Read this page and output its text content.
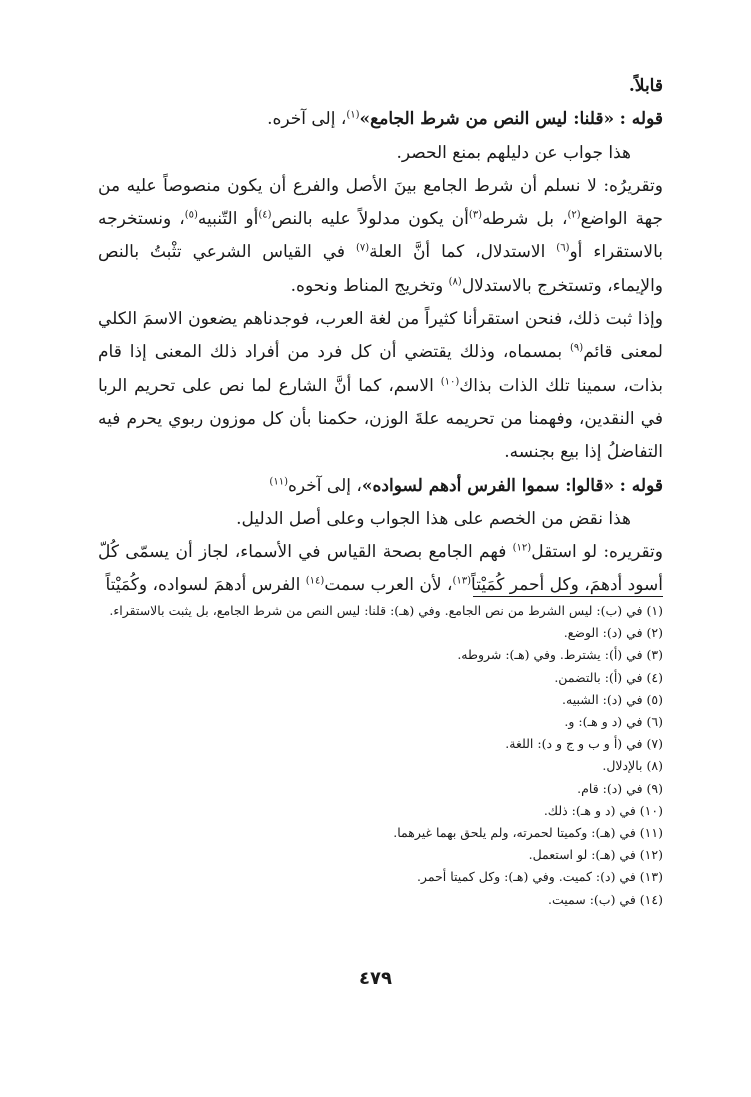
قابلاً.

قوله : «قلنا: ليس النص من شرط الجامع»$^{(١)}$، إلى آخره.

هذا جواب عن دليلهم بمنع الحصر.

وتقريرُه: لا نسلم أن شرط الجامع بينَ الأصل والفرع أن يكون منصوصاً عليه من جهة الواضع$^{(٢)}$، بل شرطه$^{(٣)}$أن يكون مدلولاً عليه بالنص$^{(٤)}$أو التّنبيه$^{(٥)}$، ونستخرجه بالاستقراء أو$^{(٦)}$ الاستدلال، كما أنَّ العلة$^{(٧)}$ في القياس الشرعي تثْبتُ بالنص والإيماء، وتستخرج بالاستدلال$^{(٨)}$ وتخريج المناط ونحوه.

وإذا ثبت ذلك، فنحن استقرأنا كثيراً من لغة العرب، فوجدناهم يضعون الاسمَ الكلي لمعنى قائم$^{(٩)}$ بمسماه، وذلك يقتضي أن كل فرد من أفراد ذلك المعنى إذا قام بذات، سمينا تلك الذات بذاك$^{(١٠)}$ الاسم، كما أنَّ الشارع لما نص على تحريم الربا في النقدين، وفهمنا من تحريمه علةَ الوزن، حكمنا بأن كل موزون ربوي يحرم فيه التفاضلُ إذا بيع بجنسه.

قوله : «قالوا: سموا الفرس أدهم لسواده»، إلى آخره$^{(١١)}$

هذا نقض من الخصم على هذا الجواب وعلى أصل الدليل.

وتقريره: لو استقل$^{(١٢)}$ فهم الجامع بصحة القياس في الأسماء، لجاز أن يسمّى كُلّ أسود أدهمَ، وكل أحمر كُمَيْتاً$^{(١٣)}$، لأن العرب سمت$^{(١٤)}$ الفرس أدهمَ لسواده، وكُمَيْتاً

(١) في (ب): ليس الشرط من نص الجامع. وفي (هـ): قلنا: ليس النص من شرط الجامع، بل يثبت بالاستقراء.

(٢) في (د): الوضع.

(٣) في (أ): يشترط. وفي (هـ): شروطه.

(٤) في (أ): بالتضمن.

(٥) في (د): الشبيه.

(٦) في (د و هـ): و.

(٧) في (أ و ب و ج و د): اللغة.

(٨) بالإدلال.

(٩) في (د): قام.

(١٠) في (د و هـ): ذلك.

(١١) في (هـ): وكميتا لحمرته، ولم يلحق بهما غيرهما.

(١٢) في (هـ): لو استعمل.

(١٣) في (د): كميت. وفي (هـ): وكل كميتا أحمر.

(١٤) في (ب): سميت.

٤٧٩
